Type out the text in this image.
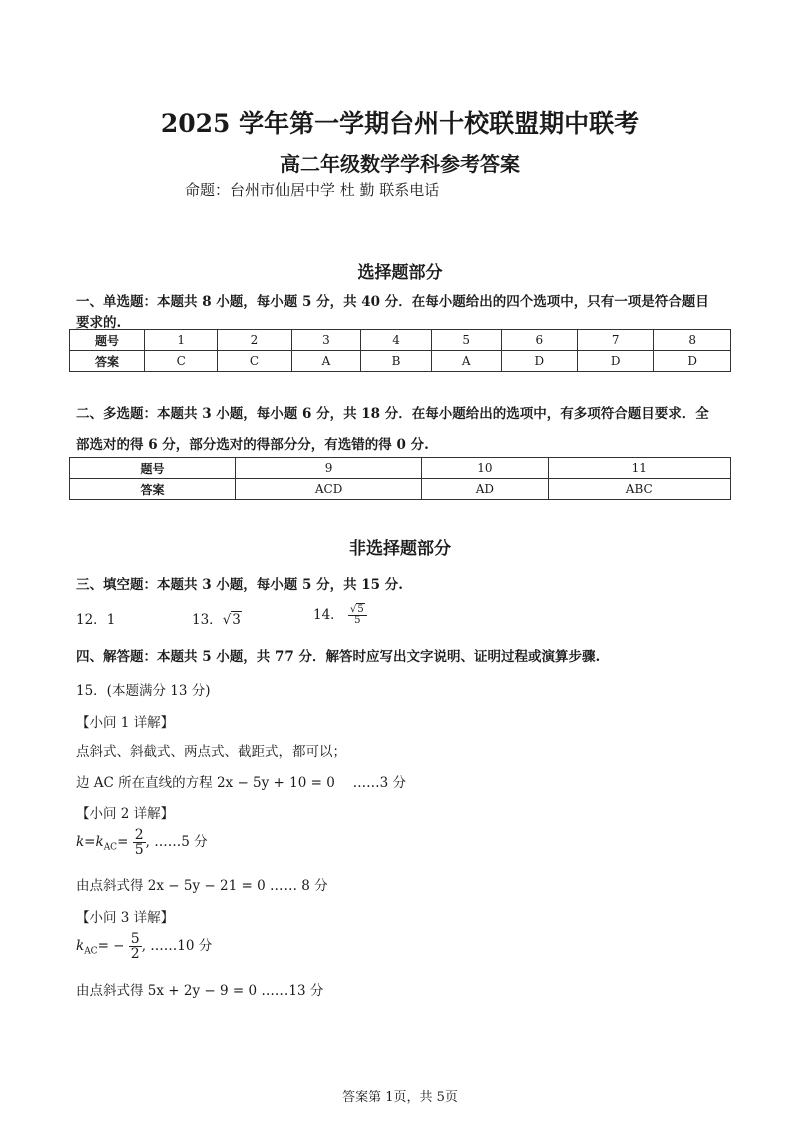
2025 学年第一学期台州十校联盟期中联考
高二年级数学学科参考答案
命题：台州市仙居中学 杜 勤 联系电话
选择题部分
一、单选题：本题共 8 小题，每小题 5 分，共 40 分．在每小题给出的四个选项中，只有一项是符合题目
要求的.
题号	1	2	3	4	5	6	7	8
答案	C	C	A	B	A	D	D	D
二、多选题：本题共 3 小题，每小题 6 分，共 18 分．在每小题给出的选项中，有多项符合题目要求．全
部选对的得 6 分，部分选对的得部分分，有选错的得 0 分.
题号	9	10	11
答案	ACD	AD	ABC
非选择题部分
三、填空题：本题共 3 小题，每小题 5 分，共 15 分.
12．1	13．√3	14． $\frac{√5}{5}$
四、解答题：本题共 5 小题，共 77 分．解答时应写出文字说明、证明过程或演算步骤.
15．(本题满分 13 分)
【小问 1 详解】
点斜式、斜截式、两点式、截距式，都可以；
边 AC 所在直线的方程 2x − 5y + 10 = 0　 ……3 分
【小问 2 详解】
$k=k_{AC}= \frac{2}{5}$ , ……5 分
由点斜式得 2x − 5y − 21 = 0 …… 8 分
【小问 3 详解】
$k_{AC}= - \frac{5}{2}$ , ……10 分
由点斜式得 5x + 2y − 9 = 0 ……13 分
答案第 1页，共 5页
